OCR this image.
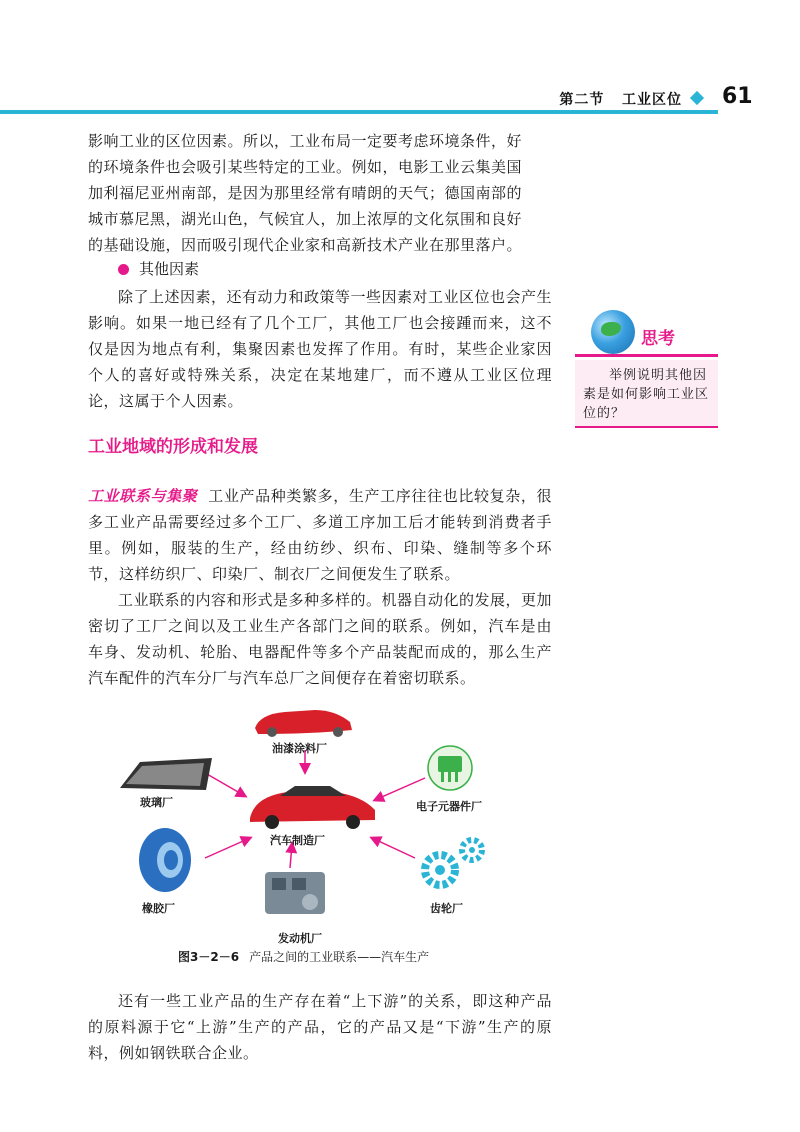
第二节 工业区位 61
影响工业的区位因素。所以，工业布局一定要考虑环境条件，好
的环境条件也会吸引某些特定的工业。例如，电影工业云集美国
加利福尼亚州南部，是因为那里经常有晴朗的天气；德国南部的
城市慕尼黑，湖光山色，气候宜人，加上浓厚的文化氛围和良好
的基础设施，因而吸引现代企业家和高新技术产业在那里落户。
其他因素

除了上述因素，还有动力和政策等一些因素对工业区位也会产生影响。如果一地已经有了几个工厂，其他工厂也会接踵而来，这不仅是因为地点有利，集聚因素也发挥了作用。有时，某些企业家因个人的喜好或特殊关系，决定在某地建厂，而不遵从工业区位理论，这属于个人因素。

思考
举例说明其他因素是如何影响工业区位的？
工业地域的形成和发展

工业联系与集聚 工业产品种类繁多，生产工序往往也比较复杂，很多工业产品需要经过多个工厂、多道工序加工后才能转到消费者手里。例如，服装的生产，经由纺纱、织布、印染、缝制等多个环节，这样纺织厂、印染厂、制衣厂之间便发生了联系。

工业联系的内容和形式是多种多样的。机器自动化的发展，更加密切了工厂之间以及工业生产各部门之间的联系。例如，汽车是由车身、发动机、轮胎、电器配件等多个产品装配而成的，那么生产汽车配件的汽车分厂与汽车总厂之间便存在着密切联系。

油漆涂料厂
玻璃厂	电子元器件厂
汽车制造厂
橡胶厂	齿轮厂
发动机厂
图3－2－6 产品之间的工业联系——汽车生产

还有一些工业产品的生产存在着“上下游”的关系，即这种产品的原料源于它“上游”生产的产品，它的产品又是“下游”生产的原料，例如钢铁联合企业。
